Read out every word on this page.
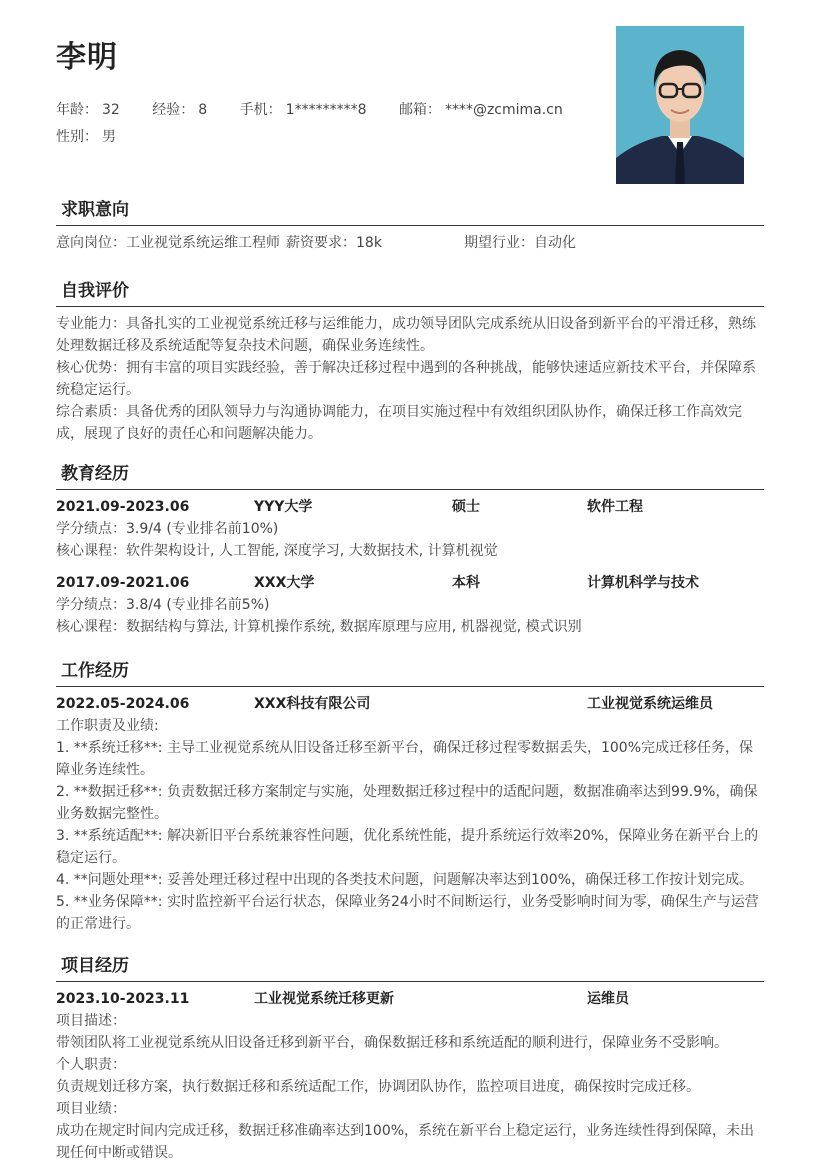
李明
年龄： 32 经验： 8 手机： 1*********8 邮箱： ****@zcmima.cn
性别： 男
求职意向
意向岗位：工业视觉系统运维工程师 薪资要求：18k	期望行业：自动化
自我评价

专业能力：具备扎实的工业视觉系统迁移与运维能力，成功领导团队完成系统从旧设备到新平台的平滑迁移，熟练处理数据迁移及系统适配等复杂技术问题，确保业务连续性。

核心优势：拥有丰富的项目实践经验，善于解决迁移过程中遇到的各种挑战，能够快速适应新技术平台，并保障系统稳定运行。

综合素质：具备优秀的团队领导力与沟通协调能力，在项目实施过程中有效组织团队协作，确保迁移工作高效完成，展现了良好的责任心和问题解决能力。

教育经历
2021.09-2023.06	YYY大学	硕士	软件工程
学分绩点：3.9/4 (专业排名前10%)
核心课程：软件架构设计, 人工智能, 深度学习, 大数据技术, 计算机视觉
2017.09-2021.06	XXX大学	本科	计算机科学与技术
学分绩点：3.8/4 (专业排名前5%)
核心课程：数据结构与算法, 计算机操作系统, 数据库原理与应用, 机器视觉, 模式识别
工作经历
2022.05-2024.06	XXX科技有限公司	工业视觉系统运维员
工作职责及业绩:
1. **系统迁移**: 主导工业视觉系统从旧设备迁移至新平台，确保迁移过程零数据丢失，100%完成迁移任务，保障业务连续性。
2. **数据迁移**: 负责数据迁移方案制定与实施，处理数据迁移过程中的适配问题，数据准确率达到99.9%，确保业务数据完整性。
3. **系统适配**: 解决新旧平台系统兼容性问题，优化系统性能，提升系统运行效率20%，保障业务在新平台上的稳定运行。
4. **问题处理**: 妥善处理迁移过程中出现的各类技术问题，问题解决率达到100%，确保迁移工作按计划完成。
5. **业务保障**: 实时监控新平台运行状态，保障业务24小时不间断运行，业务受影响时间为零，确保生产与运营的正常进行。
项目经历
2023.10-2023.11	工业视觉系统迁移更新	运维员
项目描述：
带领团队将工业视觉系统从旧设备迁移到新平台，确保数据迁移和系统适配的顺利进行，保障业务不受影响。
个人职责：
负责规划迁移方案，执行数据迁移和系统适配工作，协调团队协作，监控项目进度，确保按时完成迁移。
项目业绩：
成功在规定时间内完成迁移，数据迁移准确率达到100%，系统在新平台上稳定运行，业务连续性得到保障，未出现任何中断或错误。
